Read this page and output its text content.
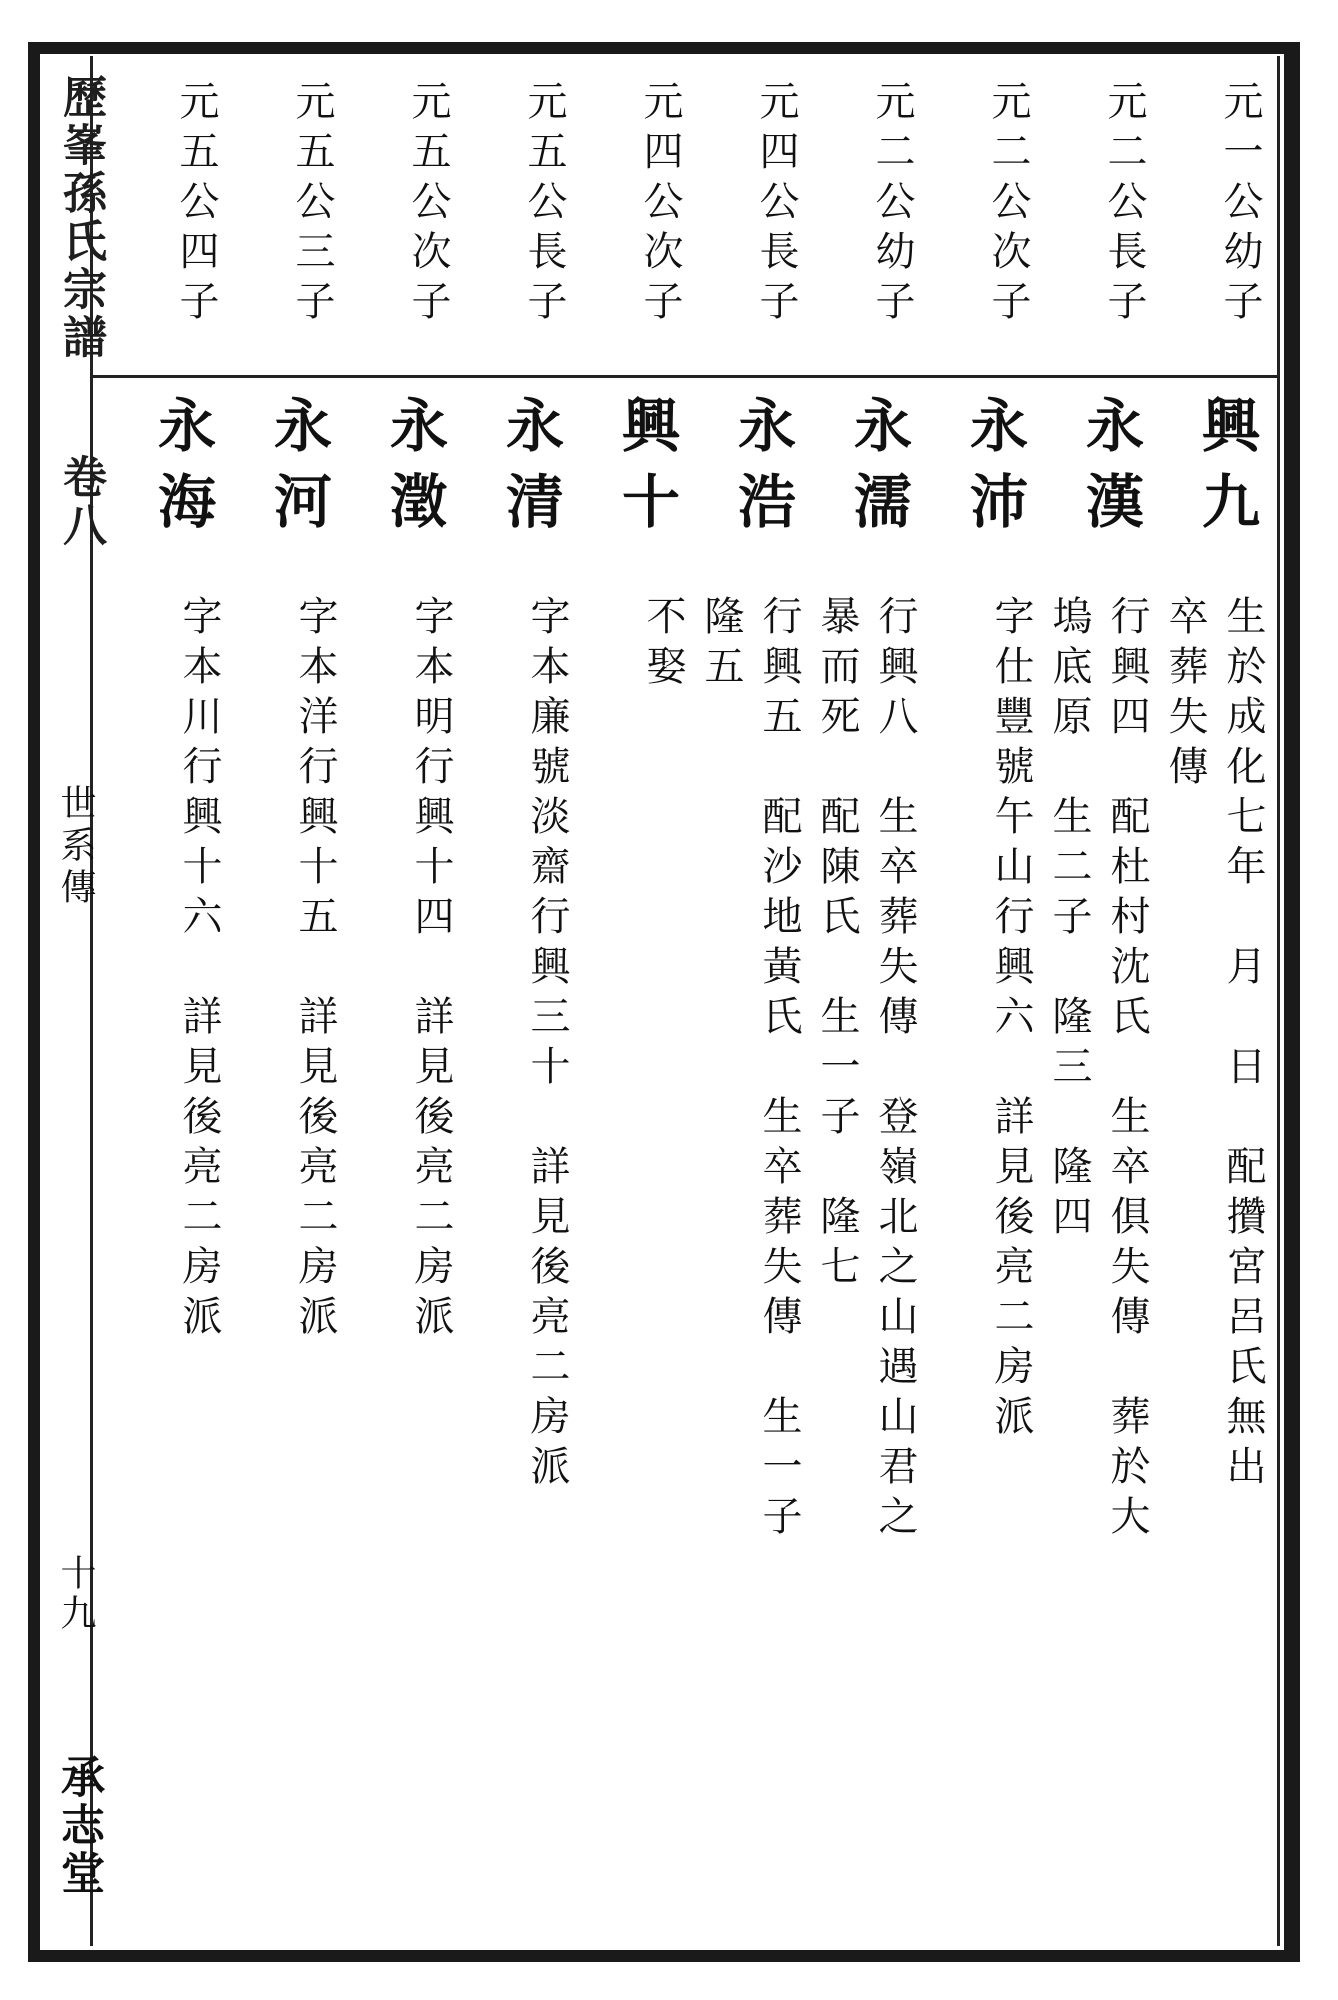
歷峯孫氏宗譜
卷八
世系傳
十九
承志堂
元一公幼子
興九
生於成化七年　月　日　配攢宮呂氏無出
卒葬失傳
元二公長子
永漢
行興四　配杜村沈氏　生卒俱失傳　葬於大
塢底原　生二子　隆三　隆四
元二公次子
永沛
字仕豐號午山行興六　詳見後亮二房派
元二公幼子
永濡
行興八　生卒葬失傳　登嶺北之山遇山君之
暴而死　配陳氏　生一子　隆七
元四公長子
永浩
行興五　配沙地黃氏　生卒葬失傳　生一子
隆五
元四公次子
興十
不娶
元五公長子
永清
字本廉號淡齋行興三十　詳見後亮二房派
元五公次子
永澂
字本明行興十四　詳見後亮二房派
元五公三子
永河
字本洋行興十五　詳見後亮二房派
元五公四子
永海
字本川行興十六　詳見後亮二房派
